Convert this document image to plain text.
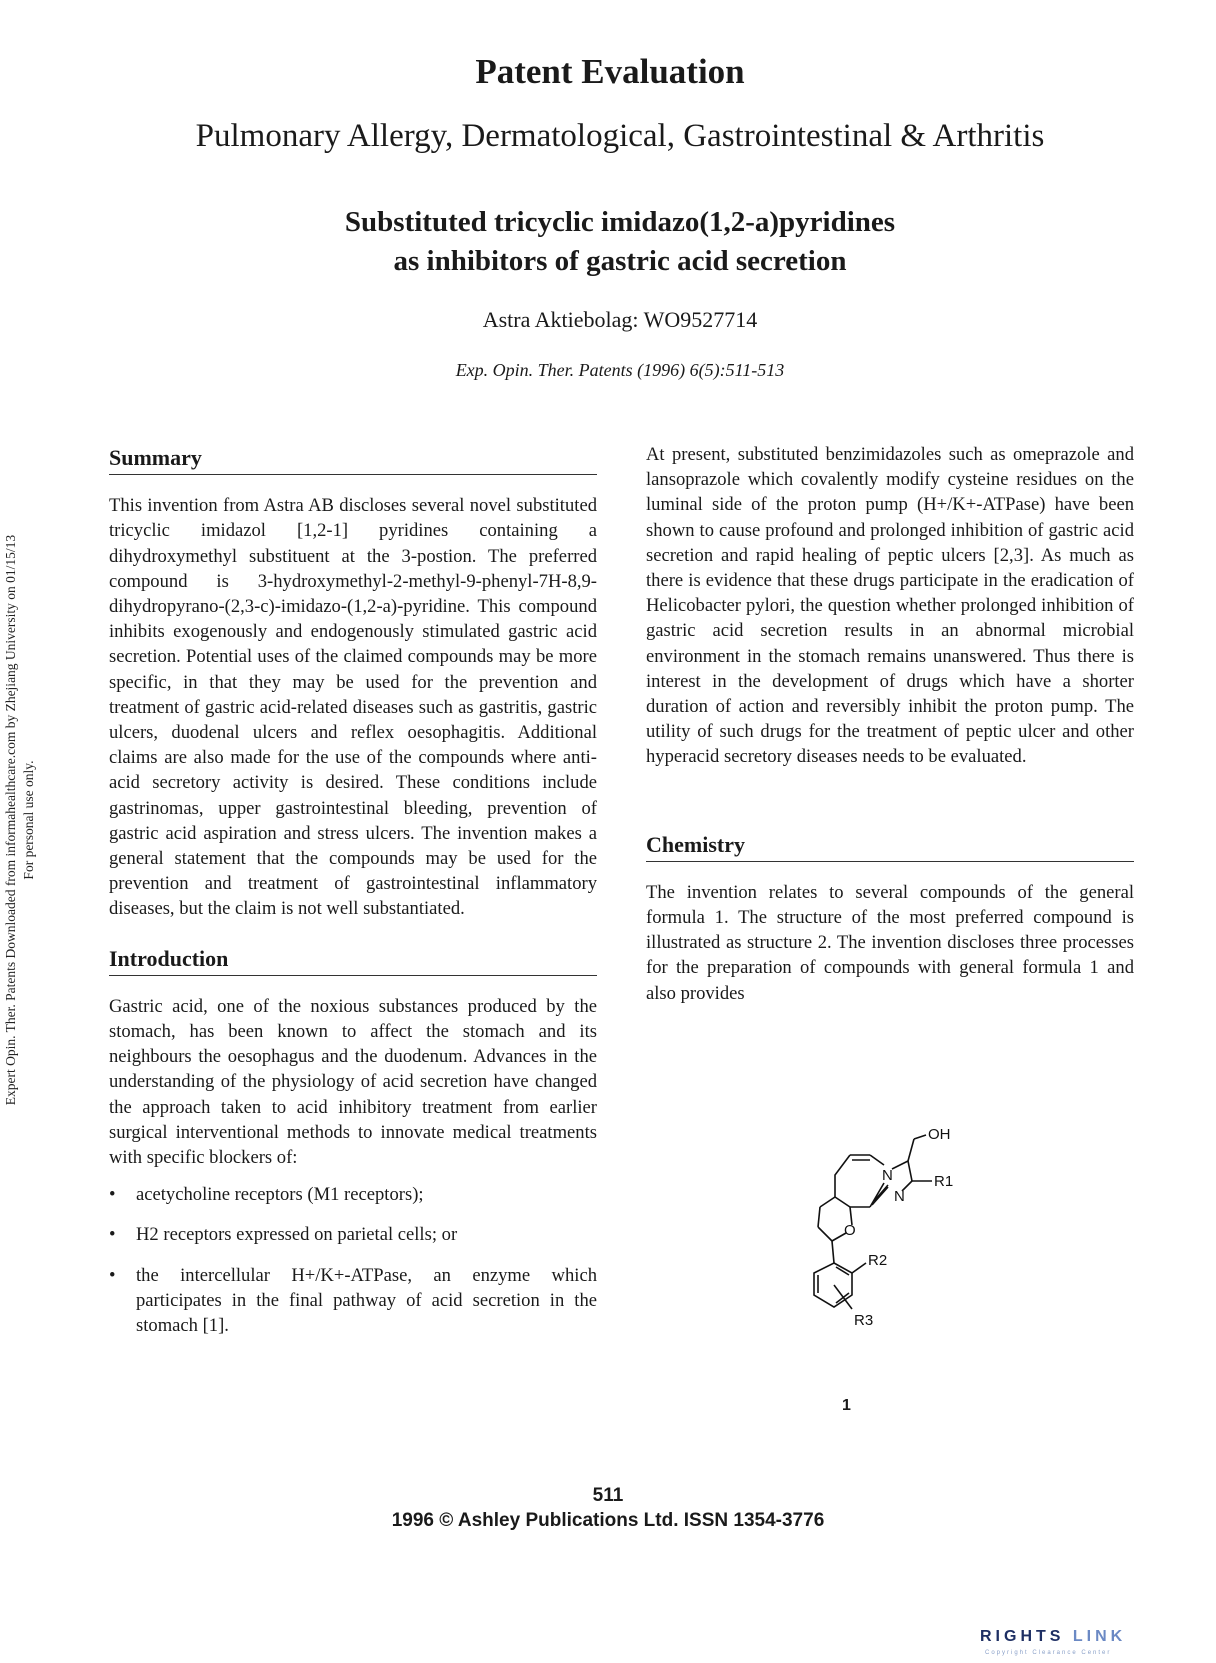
Patent Evaluation
Pulmonary Allergy, Dermatological, Gastrointestinal & Arthritis
Substituted tricyclic imidazo(1,2-a)pyridines
as inhibitors of gastric acid secretion
Astra Aktiebolag: WO9527714
Exp. Opin. Ther. Patents (1996) 6(5):511-513
Expert Opin. Ther. Patents Downloaded from informahealthcare.com by Zhejiang University on 01/15/13 For personal use only.
Summary

This invention from Astra AB discloses several novel substituted tricyclic imidazol [1,2-1] pyridines containing a dihydroxymethyl substituent at the 3-postion. The preferred compound is 3-hydroxymethyl-2-methyl-9-phenyl-7H-8,9-dihydropyrano-(2,3-c)-imidazo-(1,2-a)-pyridine. This compound inhibits exogenously and endogenously stimulated gastric acid secretion. Potential uses of the claimed compounds may be more specific, in that they may be used for the prevention and treatment of gastric acid-related diseases such as gastritis, gastric ulcers, duodenal ulcers and reflex oesophagitis. Additional claims are also made for the use of the compounds where anti-acid secretory activity is desired. These conditions include gastrinomas, upper gastrointestinal bleeding, prevention of gastric acid aspiration and stress ulcers. The invention makes a general statement that the compounds may be used for the prevention and treatment of gastrointestinal inflammatory diseases, but the claim is not well substantiated.

Introduction

Gastric acid, one of the noxious substances produced by the stomach, has been known to affect the stomach and its neighbours the oesophagus and the duodenum. Advances in the understanding of the physiology of acid secretion have changed the approach taken to acid inhibitory treatment from earlier surgical interventional methods to innovate medical treatments with specific blockers of:

• acetycholine receptors (M1 receptors);
• H2 receptors expressed on parietal cells; or
• the intercellular H+/K+-ATPase, an enzyme which participates in the final pathway of acid secretion in the stomach [1].

At present, substituted benzimidazoles such as omeprazole and lansoprazole which covalently modify cysteine residues on the luminal side of the proton pump (H+/K+-ATPase) have been shown to cause profound and prolonged inhibition of gastric acid secretion and rapid healing of peptic ulcers [2,3]. As much as there is evidence that these drugs participate in the eradication of Helicobacter pylori, the question whether prolonged inhibition of gastric acid secretion results in an abnormal microbial environment in the stomach remains unanswered. Thus there is interest in the development of drugs which have a shorter duration of action and reversibly inhibit the proton pump. The utility of such drugs for the treatment of peptic ulcer and other hyperacid secretory diseases needs to be evaluated.

Chemistry

The invention relates to several compounds of the general formula 1. The structure of the most preferred compound is illustrated as structure 2. The invention discloses three processes for the preparation of compounds with general formula 1 and also provides

OH
N
N
O
R1
R2
R3
1
511
1996 © Ashley Publications Ltd. ISSN 1354-3776
RIGHTS LINK
Copyright Clearance Center
